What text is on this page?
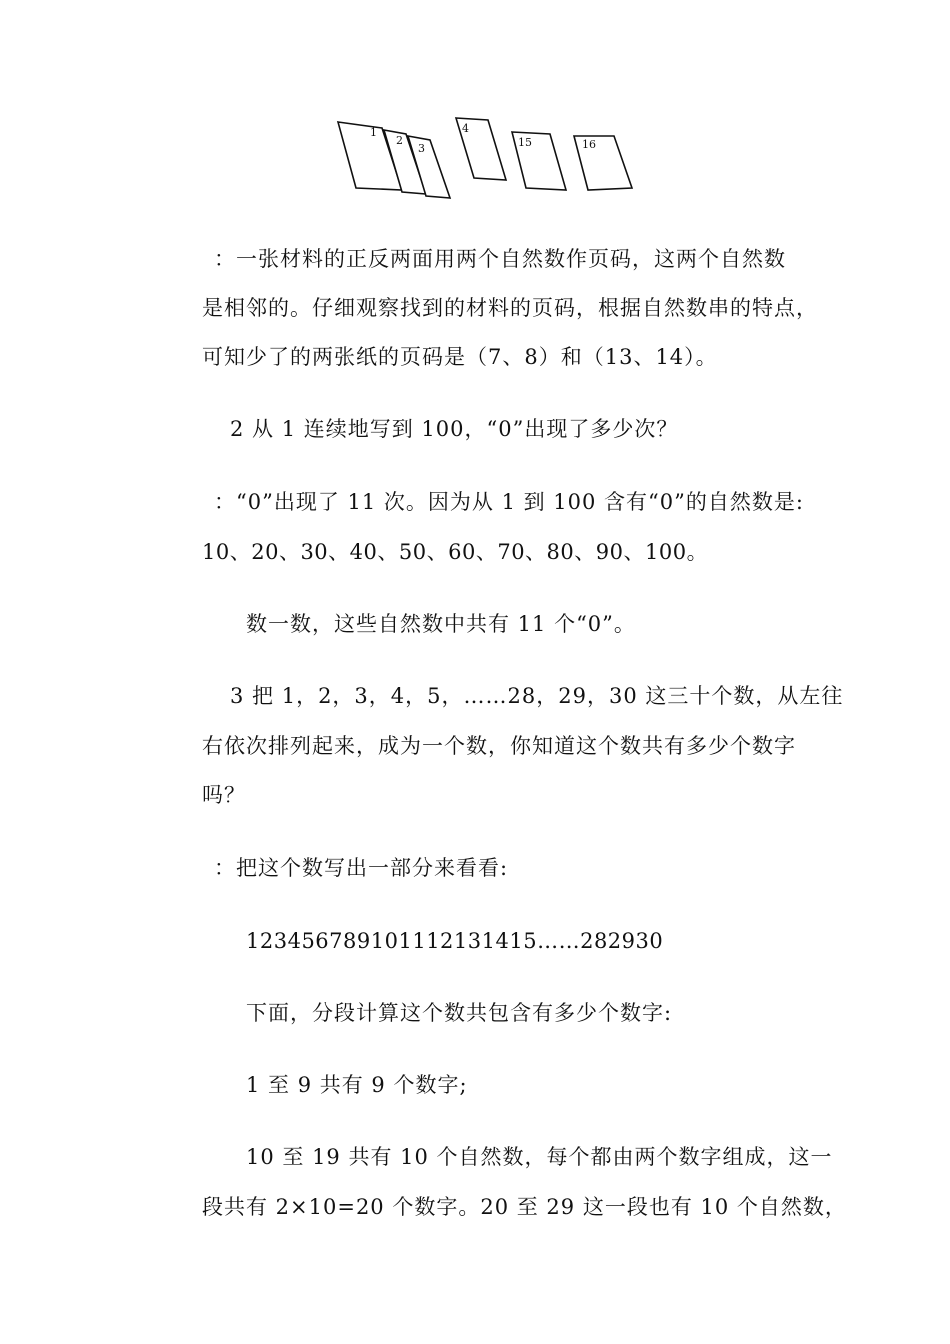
1
2
3
4
15	16
：一张材料的正反两面用两个自然数作页码，这两个自然数
是相邻的。仔细观察找到的材料的页码，根据自然数串的特点，
可知少了的两张纸的页码是（7、8）和（13、14）。
2 从 1 连续地写到 100，“0”出现了多少次？
：“0”出现了 11 次。因为从 1 到 100 含有“0”的自然数是:
10、20、30、40、50、60、70、80、90、100。
数一数，这些自然数中共有 11 个“0”。
3 把 1，2，3，4，5，……28，29，30 这三十个数，从左往
右依次排列起来，成为一个数，你知道这个数共有多少个数字
吗？
：把这个数写出一部分来看看:
1234567891011121314​15……282930
下面，分段计算这个数共包含有多少个数字:
1 至 9 共有 9 个数字;
10 至 19 共有 10 个自然数，每个都由两个数字组成，这一
段共有 2×10=20 个数字。20 至 29 这一段也有 10 个自然数，
